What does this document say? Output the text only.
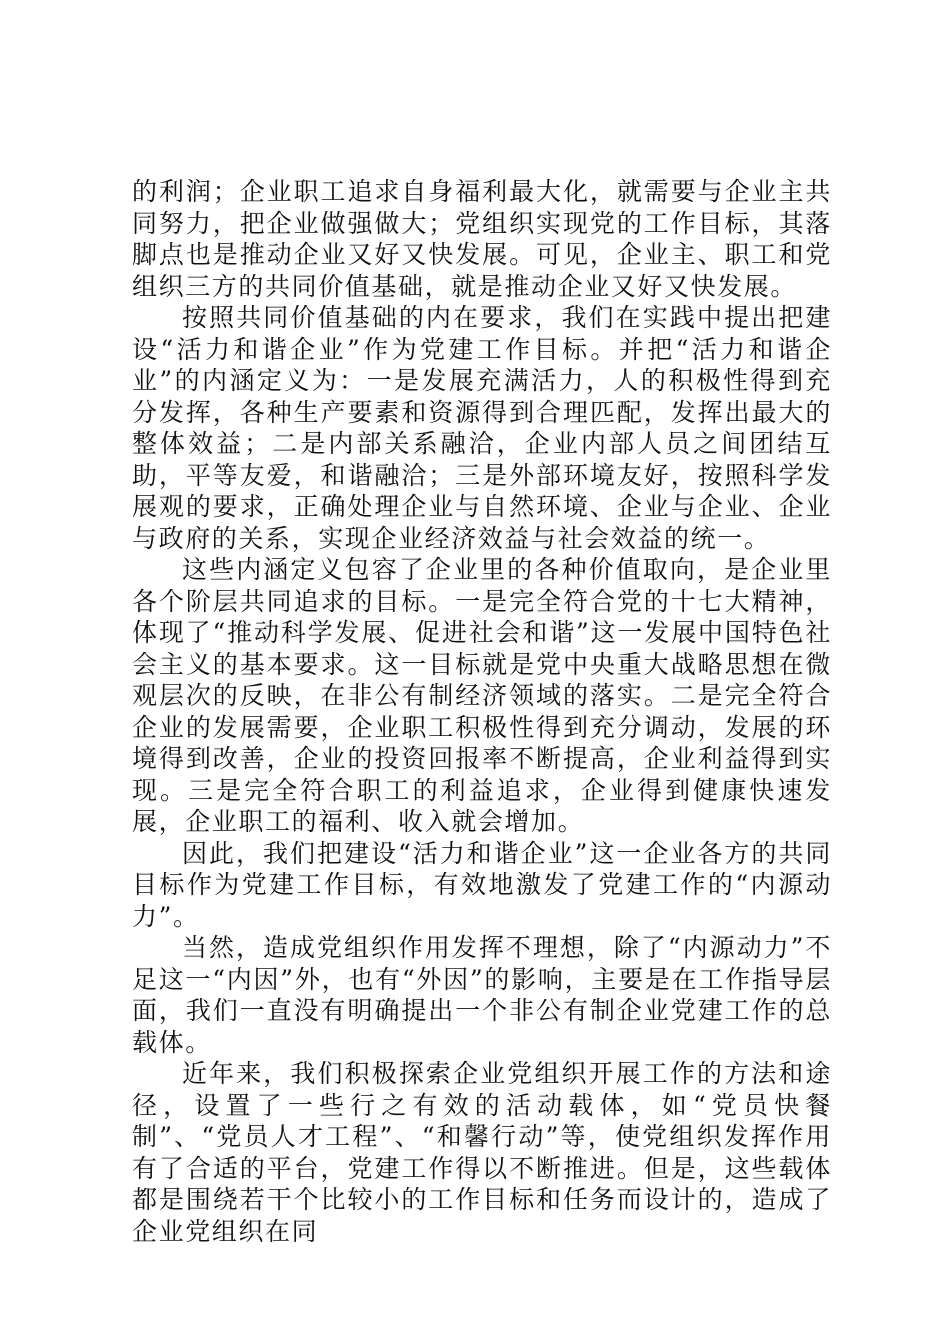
的利润；企业职工追求自身福利最大化，就需要与企业主共同努力，把企业做强做大；党组织实现党的工作目标，其落脚点也是推动企业又好又快发展。可见，企业主、职工和党组织三方的共同价值基础，就是推动企业又好又快发展。

按照共同价值基础的内在要求，我们在实践中提出把建设“活力和谐企业”作为党建工作目标。并把“活力和谐企业”的内涵定义为：一是发展充满活力，人的积极性得到充分发挥，各种生产要素和资源得到合理匹配，发挥出最大的整体效益；二是内部关系融洽，企业内部人员之间团结互助，平等友爱，和谐融洽；三是外部环境友好，按照科学发展观的要求，正确处理企业与自然环境、企业与企业、企业与政府的关系，实现企业经济效益与社会效益的统一。

这些内涵定义包容了企业里的各种价值取向，是企业里各个阶层共同追求的目标。一是完全符合党的十七大精神，体现了“推动科学发展、促进社会和谐”这一发展中国特色社会主义的基本要求。这一目标就是党中央重大战略思想在微观层次的反映，在非公有制经济领域的落实。二是完全符合企业的发展需要，企业职工积极性得到充分调动，发展的环境得到改善，企业的投资回报率不断提高，企业利益得到实现。三是完全符合职工的利益追求，企业得到健康快速发展，企业职工的福利、收入就会增加。

因此，我们把建设“活力和谐企业”这一企业各方的共同目标作为党建工作目标，有效地激发了党建工作的“内源动力”。

当然，造成党组织作用发挥不理想，除了“内源动力”不足这一“内因”外，也有“外因”的影响，主要是在工作指导层面，我们一直没有明确提出一个非公有制企业党建工作的总载体。

近年来，我们积极探索企业党组织开展工作的方法和途径，设置了一些行之有效的活动载体，如“党员快餐制”、“党员人才工程”、“和馨行动”等，使党组织发挥作用有了合适的平台，党建工作得以不断推进。但是，这些载体都是围绕若干个比较小的工作目标和任务而设计的，造成了企业党组织在同
